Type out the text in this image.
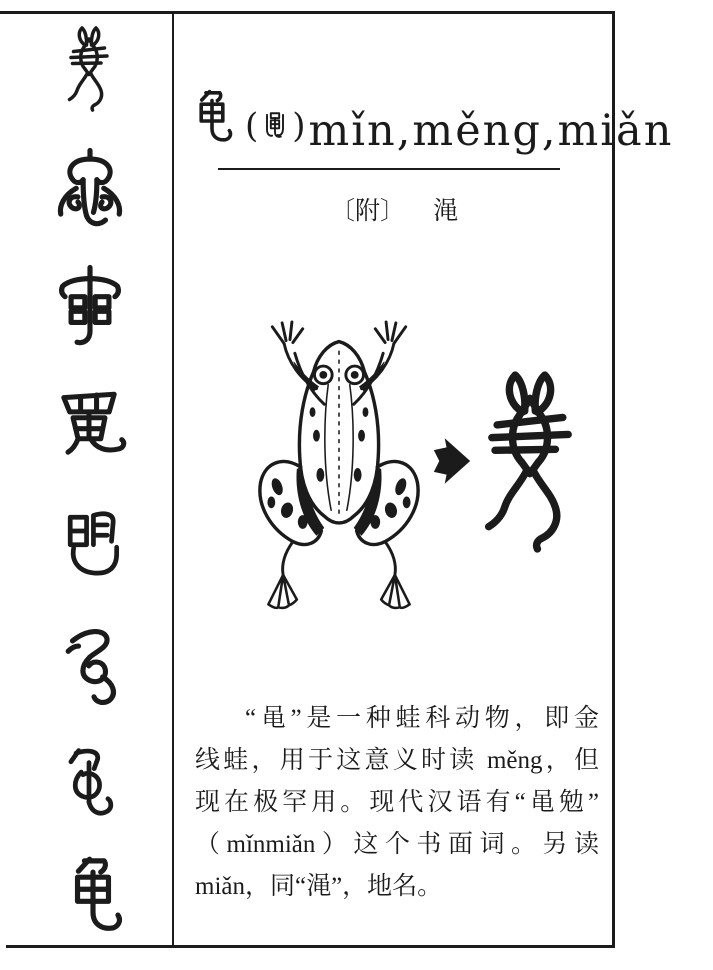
( ) mǐn,měng,miǎn
〔附〕 渑
“黾”是一种蛙科动物，即金
线蛙，用于这意义时读 měng，但
现在极罕用。现代汉语有“黾勉”
（mǐnmiǎn）这个书面词。另读
miǎn，同“渑”，地名。
